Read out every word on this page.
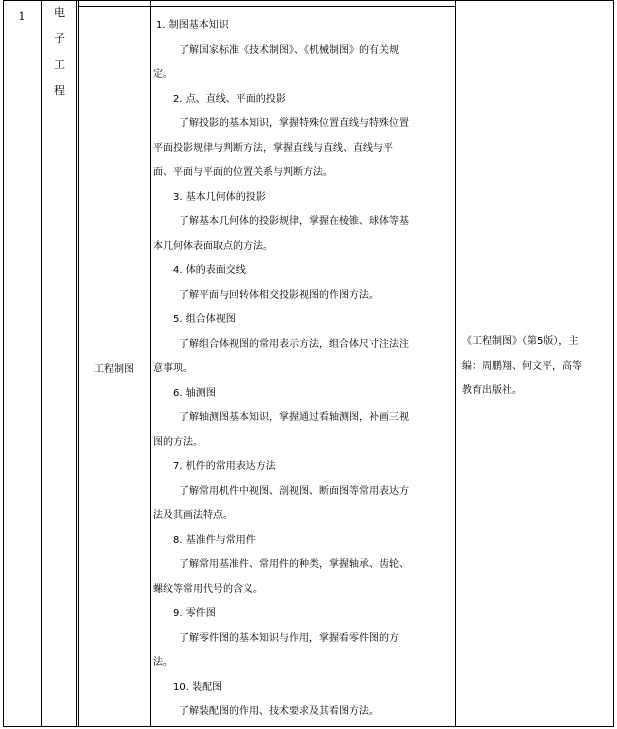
1	电
子
工
程
工程制图
1. 制图基本知识
了解国家标准《技术制图》、《机械制图》的有关规
定。
2. 点、直线、平面的投影
了解投影的基本知识，掌握特殊位置直线与特殊位置
平面投影规律与判断方法，掌握直线与直线、直线与平
面、平面与平面的位置关系与判断方法。
3. 基本几何体的投影
了解基本几何体的投影规律，掌握在棱锥、球体等基
本几何体表面取点的方法。
4. 体的表面交线
了解平面与回转体相交投影视图的作图方法。
5. 组合体视图
了解组合体视图的常用表示方法，组合体尺寸注法注
意事项。
6. 轴测图
了解轴测图基本知识，掌握通过看轴测图，补画三视
图的方法。
7. 机件的常用表达方法
了解常用机件中视图、剖视图、断面图等常用表达方
法及其画法特点。
8. 基准件与常用件
了解常用基准件、常用件的种类，掌握轴承、齿轮、
螺纹等常用代号的含义。
9. 零件图
了解零件图的基本知识与作用，掌握看零件图的方
法。
10. 装配图
了解装配图的作用、技术要求及其看图方法。
《工程制图》（第5版），主
编：周鹏翔、何文平，高等
教育出版社。
